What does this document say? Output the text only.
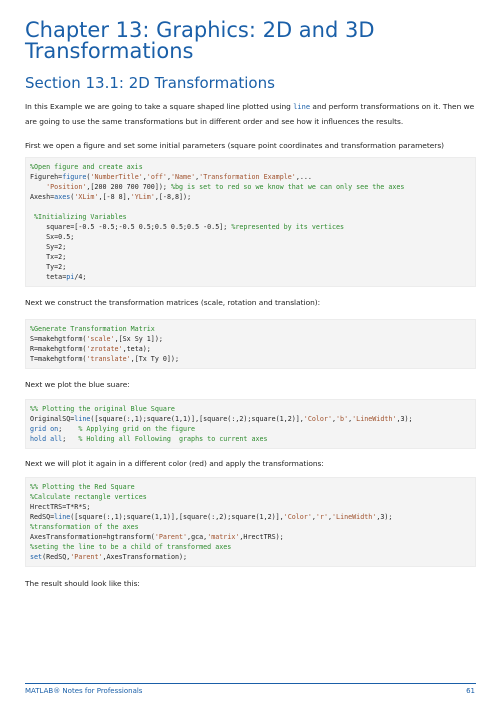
Chapter 13: Graphics: 2D and 3D Transformations
Section 13.1: 2D Transformations

In this Example we are going to take a square shaped line plotted using line and perform transformations on it. Then we are going to use the same transformations but in different order and see how it influences the results.

First we open a figure and set some initial parameters (square point coordinates and transformation parameters)

%Open figure and create axis
Figureh=figure('NumberTitle','off','Name','Transformation Example',...
'Position',[200 200 700 700]); %bg is set to red so we know that we can only see the axes
Axesh=axes('XLim',[-8 8],'YLim',[-8,8]);
%Initializing Variables
square=[-0.5 -0.5;-0.5 0.5;0.5 0.5;0.5 -0.5]; %represented by its vertices
Sx=0.5;
Sy=2;
Tx=2;
Ty=2;
teta=pi/4;

Next we construct the transformation matrices (scale, rotation and translation):

%Generate Transformation Matrix
S=makehgtform('scale',[Sx Sy 1]);
R=makehgtform('zrotate',teta);
T=makehgtform('translate',[Tx Ty 0]);

Next we plot the blue suare:

%% Plotting the original Blue Square
OriginalSQ=line([square(:,1);square(1,1)],[square(:,2);square(1,2)],'Color','b','LineWidth',3);
grid on;    % Applying grid on the figure
hold all;   % Holding all Following  graphs to current axes

Next we will plot it again in a different color (red) and apply the transformations:

%% Plotting the Red Square
%Calculate rectangle vertices
HrectTRS=T*R*S;
RedSQ=line([square(:,1);square(1,1)],[square(:,2);square(1,2)],'Color','r','LineWidth',3);
%transformation of the axes
AxesTransformation=hgtransform('Parent',gca,'matrix',HrectTRS);
%seting the line to be a child of transformed axes
set(RedSQ,'Parent',AxesTransformation);

The result should look like this:

MATLAB® Notes for Professionals	61
